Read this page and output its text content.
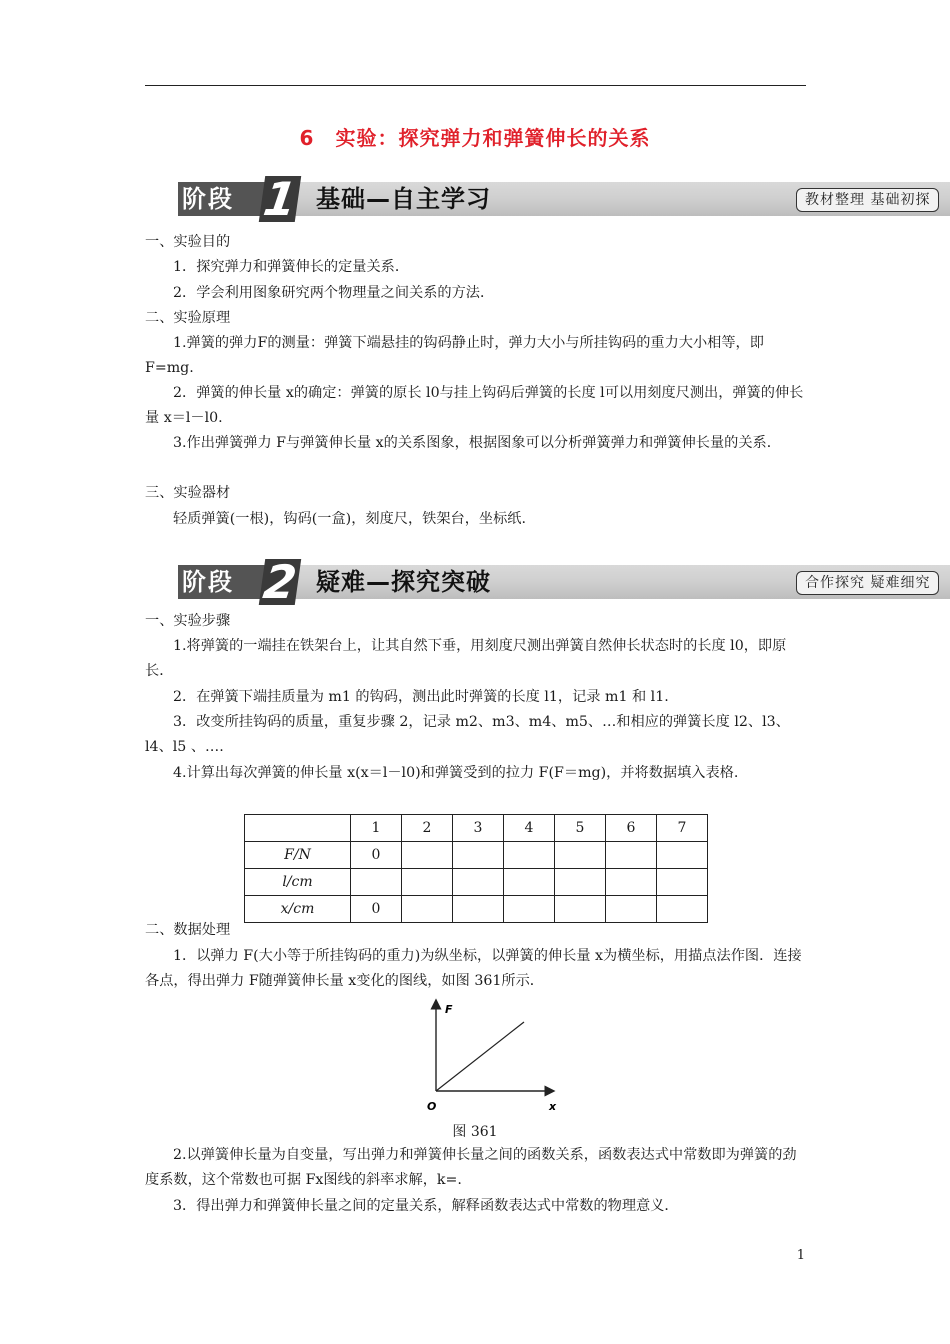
6　实验：探究弹力和弹簧伸长的关系
阶段 1 基础—自主学习	教材整理 基础初探
一、实验目的
1．探究弹力和弹簧伸长的定量关系．
2．学会利用图象研究两个物理量之间关系的方法．
二、实验原理
1.弹簧的弹力F的测量：弹簧下端悬挂的钩码静止时，弹力大小与所挂钩码的重力大小相等，即 F=mg.
2．弹簧的伸长量 x的确定：弹簧的原长 l0与挂上钩码后弹簧的长度 l可以用刻度尺测出，弹簧的伸长量 x＝l－l0.
3.作出弹簧弹力 F与弹簧伸长量 x的关系图象，根据图象可以分析弹簧弹力和弹簧伸长量的关系．
三、实验器材
轻质弹簧(一根)，钩码(一盒)，刻度尺，铁架台，坐标纸.
阶段 2 疑难—探究突破	合作探究 疑难细究
一、实验步骤
1.将弹簧的一端挂在铁架台上，让其自然下垂，用刻度尺测出弹簧自然伸长状态时的长度 l0，即原长．
2．在弹簧下端挂质量为 m1 的钩码，测出此时弹簧的长度 l1，记录 m1 和 l1.
3．改变所挂钩码的质量，重复步骤 2，记录 m2、m3、m4、m5、…和相应的弹簧长度 l2、l3、l4、l5 、….
4.计算出每次弹簧的伸长量 x(x＝l－l0)和弹簧受到的拉力 F(F＝mg)，并将数据填入表格.
	1	2	3	4	5	6	7
F/N	0						
l/cm							
x/cm	0						
二、数据处理
1．以弹力 F(大小等于所挂钩码的重力)为纵坐标，以弹簧的伸长量 x为横坐标，用描点法作图．连接各点，得出弹力 F随弹簧伸长量 x变化的图线，如图 361所示．
F
x
O
图 361
2.以弹簧伸长量为自变量，写出弹力和弹簧伸长量之间的函数关系，函数表达式中常数即为弹簧的劲度系数，这个常数也可据 Fx图线的斜率求解，k=.
3．得出弹力和弹簧伸长量之间的定量关系，解释函数表达式中常数的物理意义．
1
